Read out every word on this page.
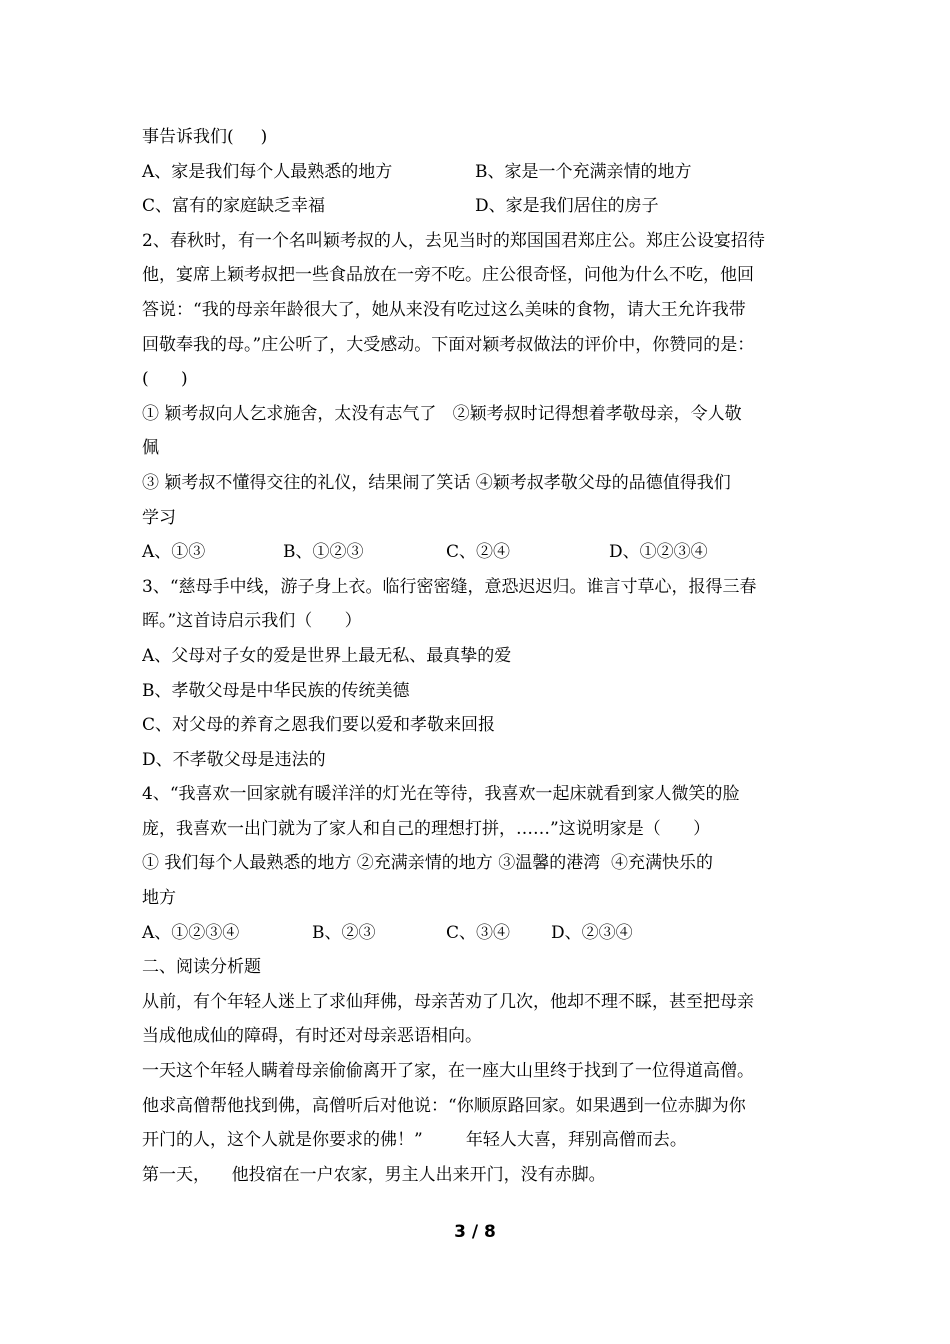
事告诉我们(     )

A、家是我们每个人最熟悉的地方

	B、家是一个充满亲情的地方

C、富有的家庭缺乏幸福

	D、家是我们居住的房子

2、春秋时，有一个名叫颖考叔的人，去见当时的郑国国君郑庄公。郑庄公设宴招待
他，宴席上颖考叔把一些食品放在一旁不吃。庄公很奇怪，问他为什么不吃，他回
答说：“我的母亲年龄很大了，她从来没有吃过这么美味的食物，请大王允许我带
回敬奉我的母。”庄公听了，大受感动。下面对颖考叔做法的评价中，你赞同的是：
(      )
① 颖考叔向人乞求施舍，太没有志气了   ②颖考叔时记得想着孝敬母亲，令人敬
佩
③ 颖考叔不懂得交往的礼仪，结果闹了笑话 ④颖考叔孝敬父母的品德值得我们
学习

A、①③

	B、①②③

	C、②④

	D、①②③④

3、“慈母手中线，游子身上衣。临行密密缝，意恐迟迟归。谁言寸草心，报得三春
晖。”这首诗启示我们（      ）
A、父母对子女的爱是世界上最无私、最真挚的爱
B、孝敬父母是中华民族的传统美德
C、对父母的养育之恩我们要以爱和孝敬来回报
D、不孝敬父母是违法的
4、“我喜欢一回家就有暖洋洋的灯光在等待，我喜欢一起床就看到家人微笑的脸
庞，我喜欢一出门就为了家人和自己的理想打拼，……”这说明家是（      ）
① 我们每个人最熟悉的地方 ②充满亲情的地方 ③温馨的港湾  ④充满快乐的
地方

A、①②③④

	B、②③

	C、③④

D、②③④

二、阅读分析题
从前，有个年轻人迷上了求仙拜佛，母亲苦劝了几次，他却不理不睬，甚至把母亲
当成他成仙的障碍，有时还对母亲恶语相向。
一天这个年轻人瞒着母亲偷偷离开了家，在一座大山里终于找到了一位得道高僧。
他求高僧帮他找到佛，高僧听后对他说：“你顺原路回家。如果遇到一位赤脚为你
开门的人，这个人就是你要求的佛！”        年轻人大喜，拜别高僧而去。
第一天，    他投宿在一户农家，男主人出来开门，没有赤脚。
3 / 8
